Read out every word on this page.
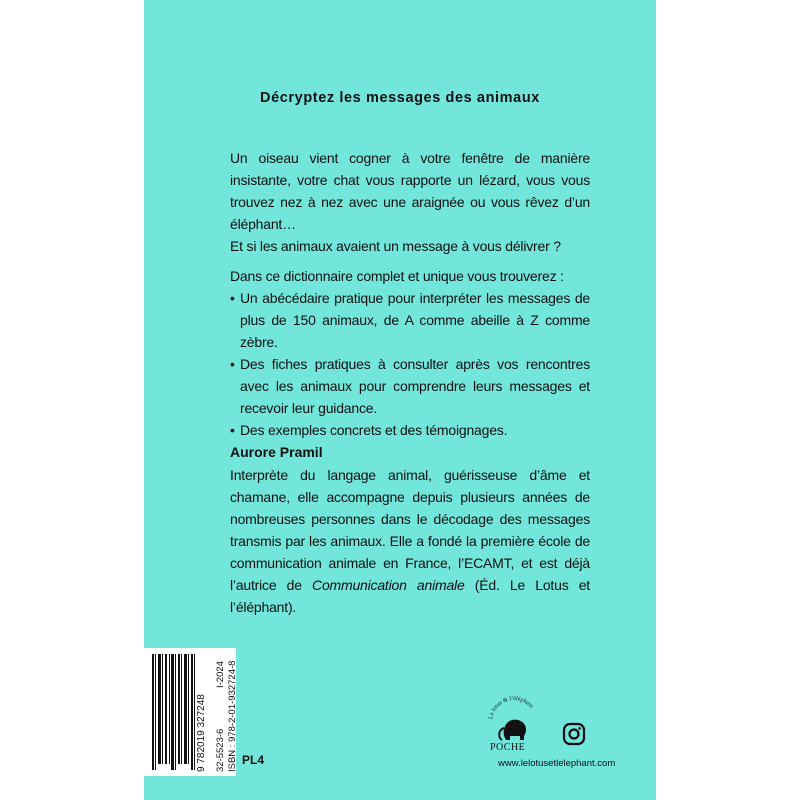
Décryptez les messages des animaux

Un oiseau vient cogner à votre fenêtre de manière insistante, votre chat vous rapporte un lézard, vous vous trouvez nez à nez avec une araignée ou vous rêvez d’un éléphant…

Et si les animaux avaient un message à vous délivrer ?

Dans ce dictionnaire complet et unique vous trouverez :

• Un abécédaire pratique pour interpréter les messages de plus de 150 animaux, de A comme abeille à Z comme zèbre.
• Des fiches pratiques à consulter après vos rencontres avec les animaux pour comprendre leurs messages et recevoir leur guidance.
• Des exemples concrets et des témoignages.
Aurore Pramil

Interprète du langage animal, guérisseuse d’âme et chamane, elle accompagne depuis plusieurs années de nombreuses personnes dans le décodage des messages transmis par les animaux. Elle a fondé la première école de communication animale en France, l’ECAMT, et est déjà l’autrice de Communication animale (Éd. Le Lotus et l’éléphant).

9 782019 327248 32-5523-6
I-2024 ISBN : 978-2-01-932724-8 PL4
Le lotus & l’éléphant
POCHE
www.lelotusetlelephant.com
